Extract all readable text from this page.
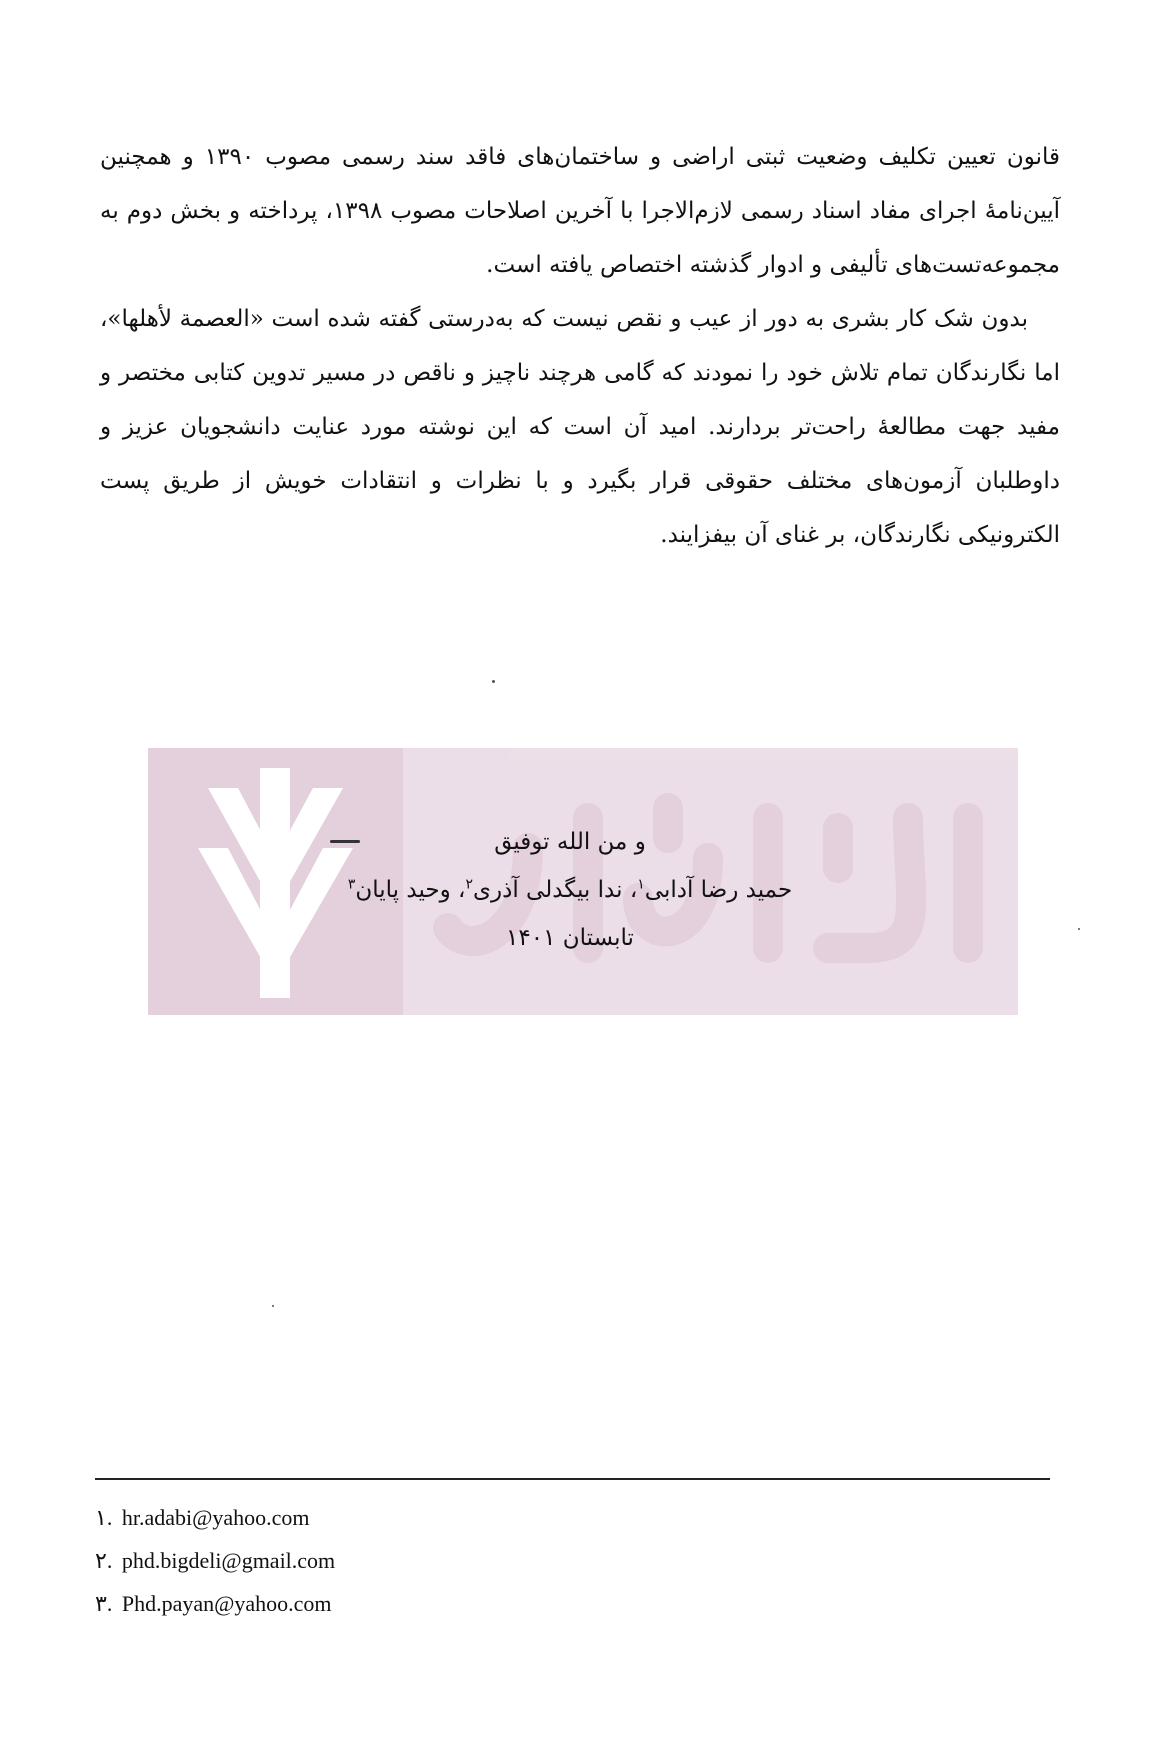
قانون تعیین تکلیف وضعیت ثبتی اراضی و ساختمان‌های فاقد سند رسمی مصوب ۱۳۹۰ و همچنین آیین‌نامهٔ اجرای مفاد اسناد رسمی لازم‌الاجرا با آخرین اصلاحات مصوب ۱۳۹۸، پرداخته و بخش دوم به مجموعه‌تست‌های تألیفی و ادوار گذشته اختصاص یافته است.

بدون شک کار بشری به دور از عیب و نقص نیست که به‌درستی گفته شده است «العصمة لأهلها»، اما نگارندگان تمام تلاش خود را نمودند که گامی هرچند ناچیز و ناقص در مسیر تدوین کتابی مختصر و مفید جهت مطالعهٔ راحت‌تر بردارند. امید آن است که این نوشته مورد عنایت دانشجویان عزیز و داوطلبان آزمون‌های مختلف حقوقی قرار بگیرد و با نظرات و انتقادات خویش از طریق پست الکترونیکی نگارندگان، بر غنای آن بیفزایند.

و من الله توفیق
حمید رضا آدابی$^۱$، ندا بیگدلی آذری$^۲$، وحید پایان$^۳$
تابستان ۱۴۰۱
۱. hr.adabi@yahoo.com
۲. phd.bigdeli@gmail.com
۳. Phd.payan@yahoo.com
